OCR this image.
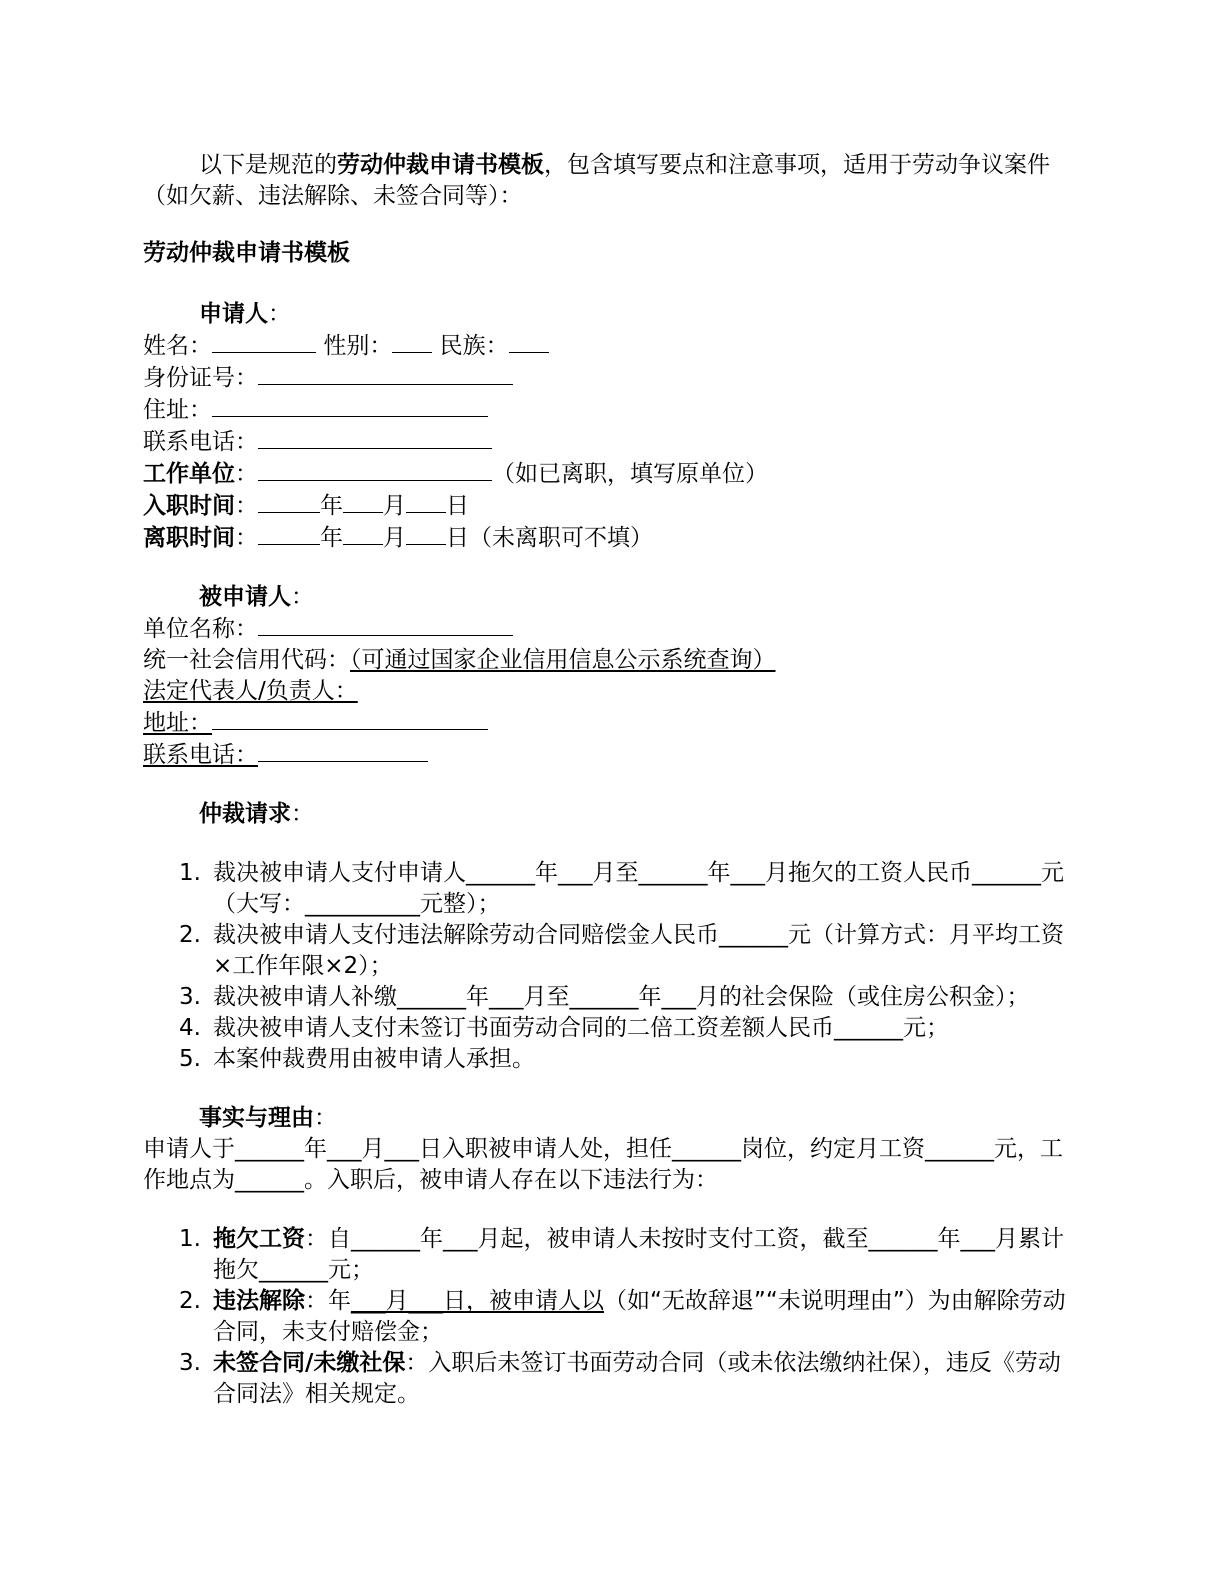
以下是规范的劳动仲裁申请书模板，包含填写要点和注意事项，适用于劳动争议案件（如欠薪、违法解除、未签合同等）：

劳动仲裁申请书模板

申请人：

姓名：	性别： 民族：

身份证号：

住址：

联系电话：

工作单位：	（如已离职，填写原单位）

入职时间：	年 月 日

离职时间：	年 月 日（未离职可不填）

被申请人：

单位名称：

统一社会信用代码：（可通过国家企业信用信息公示系统查询）

法定代表人/负责人：

地址：

联系电话：

仲裁请求：

1. 裁决被申请人支付申请人______年___月至______年___月拖欠的工资人民币______元（大写：__________元整）；
2. 裁决被申请人支付违法解除劳动合同赔偿金人民币______元（计算方式：月平均工资×工作年限×2）；
3. 裁决被申请人补缴______年___月至______年___月的社会保险（或住房公积金）；
4. 裁决被申请人支付未签订书面劳动合同的二倍工资差额人民币______元；
5. 本案仲裁费用由被申请人承担。

事实与理由：

申请人于______年___月___日入职被申请人处，担任______岗位，约定月工资______元，工作地点为______。入职后，被申请人存在以下违法行为：

1. 拖欠工资：自______年___月起，被申请人未按时支付工资，截至______年___月累计拖欠______元；
2. 违法解除：年___月___日，被申请人以（如“无故辞退”“未说明理由”）为由解除劳动合同，未支付赔偿金；
3. 未签合同/未缴社保：入职后未签订书面劳动合同（或未依法缴纳社保），违反《劳动合同法》相关规定。
